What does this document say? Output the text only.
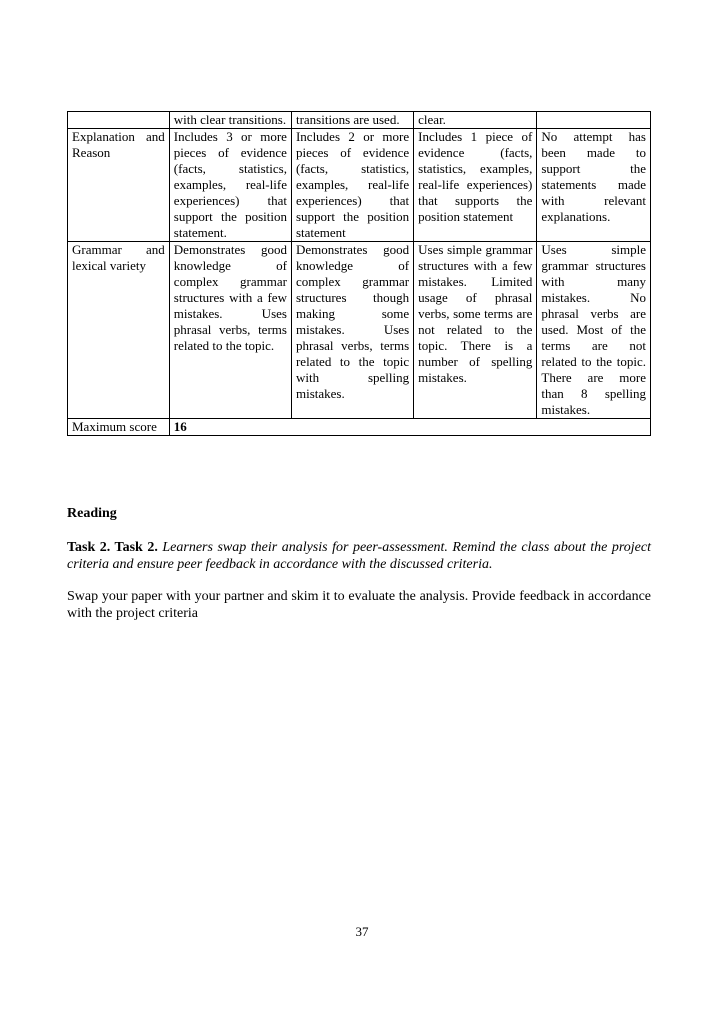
	with clear transitions.	transitions are used.	clear.	
Explanation and Reason	Includes 3 or more pieces of evidence (facts, statistics, examples, real-life experiences) that support the position statement.	Includes 2 or more pieces of evidence (facts, statistics, examples, real-life experiences) that support the position statement	Includes 1 piece of evidence (facts, statistics, examples, real-life experiences) that supports the position statement	No attempt has been made to support the statements made with relevant explanations.
Grammar and lexical variety	Demonstrates good knowledge of complex grammar structures with a few mistakes. Uses phrasal verbs, terms related to the topic.	Demonstrates good knowledge of complex grammar structures though making some mistakes. Uses phrasal verbs, terms related to the topic with spelling mistakes.	Uses simple grammar structures with a few mistakes. Limited usage of phrasal verbs, some terms are not related to the topic. There is a number of spelling mistakes.	Uses simple grammar structures with many mistakes. No phrasal verbs are used. Most of the terms are not related to the topic. There are more than 8 spelling mistakes.
Maximum score	16			
Reading
Task 2. Task 2. Learners swap their analysis for peer-assessment. Remind the class about the project criteria and ensure peer feedback in accordance with the discussed criteria.
Swap your paper with your partner and skim it to evaluate the analysis. Provide feedback in accordance with the project criteria
37
